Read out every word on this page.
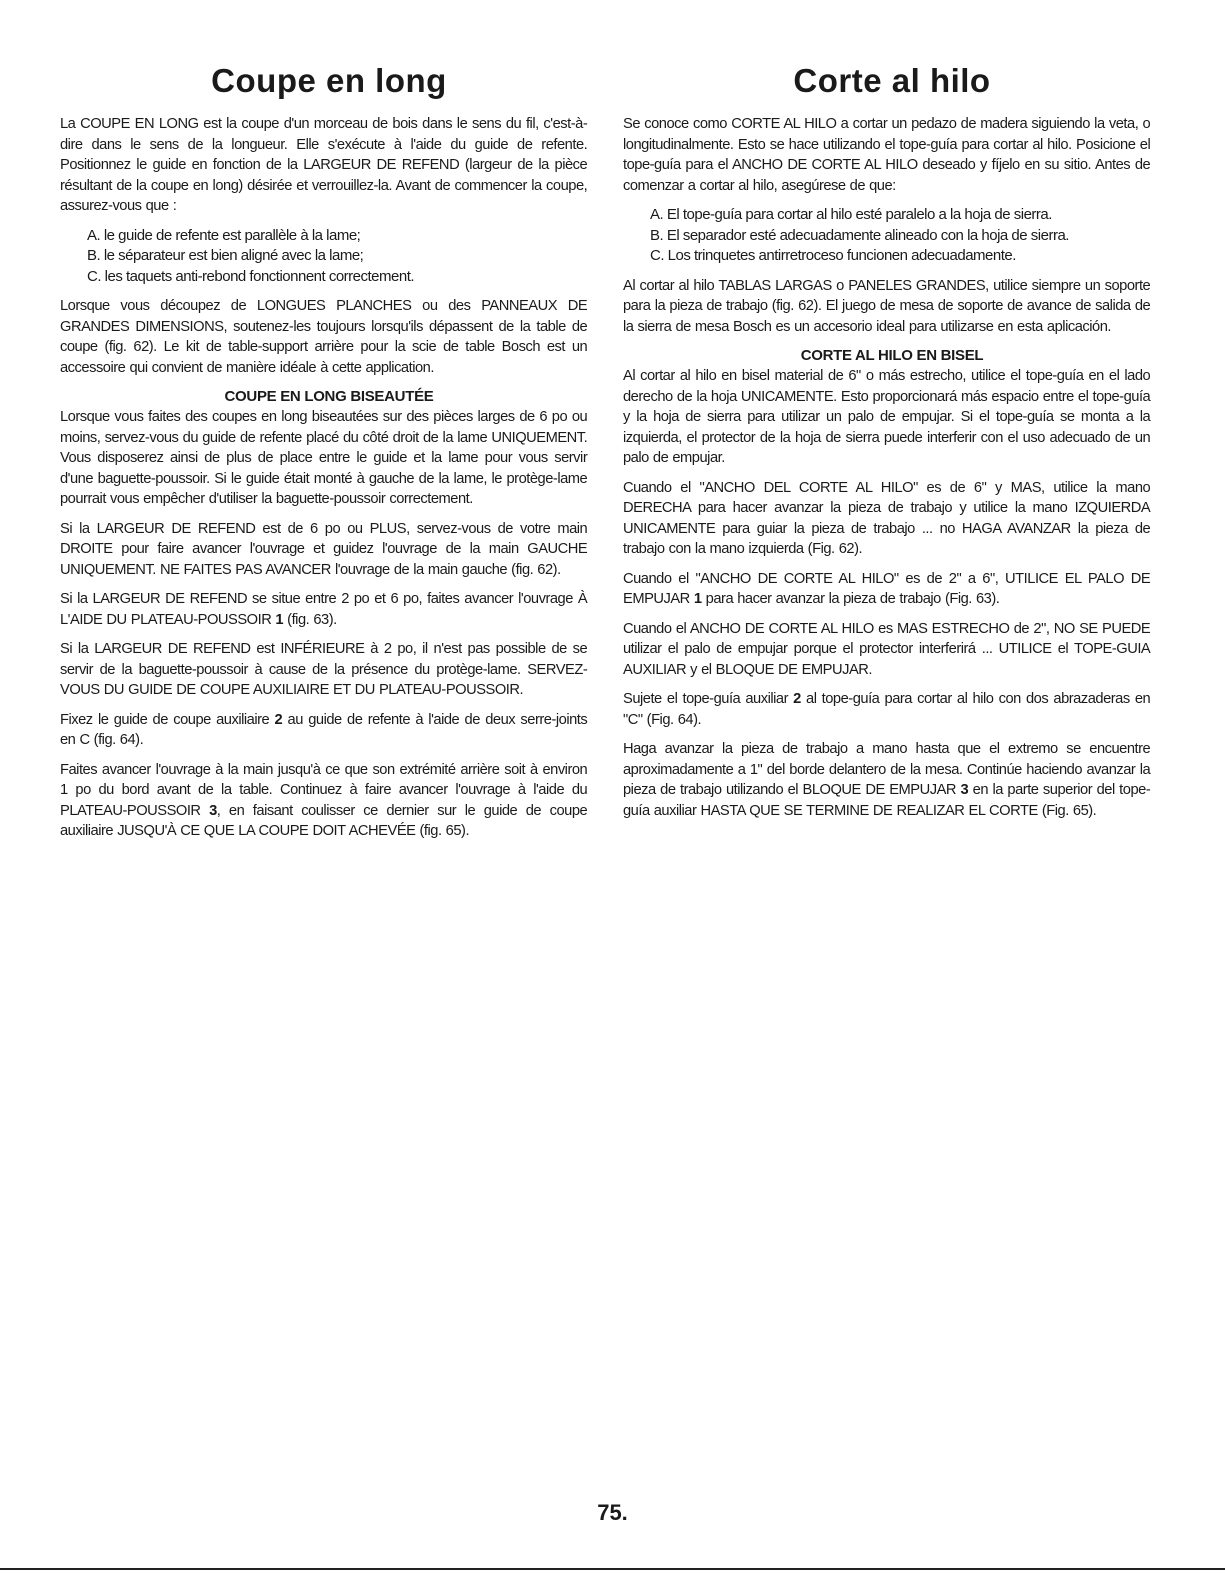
Coupe en long

La COUPE EN LONG est la coupe d'un morceau de bois dans le sens du fil, c'est-à-dire dans le sens de la longueur. Elle s'exécute à l'aide du guide de refente. Positionnez le guide en fonction de la LARGEUR DE REFEND (largeur de la pièce résultant de la coupe en long) désirée et verrouillez-la. Avant de commencer la coupe, assurez-vous que :

A. le guide de refente est parallèle à la lame;
B. le séparateur est bien aligné avec la lame;
C. les taquets anti-rebond fonctionnent correctement.

Lorsque vous découpez de LONGUES PLANCHES ou des PANNEAUX DE GRANDES DIMENSIONS, soutenez-les toujours lorsqu'ils dépassent de la table de coupe (fig. 62). Le kit de table-support arrière pour la scie de table Bosch est un accessoire qui convient de manière idéale à cette application.

COUPE EN LONG BISEAUTÉE

Lorsque vous faites des coupes en long biseautées sur des pièces larges de 6 po ou moins, servez-vous du guide de refente placé du côté droit de la lame UNIQUEMENT. Vous disposerez ainsi de plus de place entre le guide et la lame pour vous servir d'une baguette-poussoir. Si le guide était monté à gauche de la lame, le protège-lame pourrait vous empêcher d'utiliser la baguette-poussoir correctement.

Si la LARGEUR DE REFEND est de 6 po ou PLUS, servez-vous de votre main DROITE pour faire avancer l'ouvrage et guidez l'ouvrage de la main GAUCHE UNIQUEMENT. NE FAITES PAS AVANCER l'ouvrage de la main gauche (fig. 62).

Si la LARGEUR DE REFEND se situe entre 2 po et 6 po, faites avancer l'ouvrage À L'AIDE DU PLATEAU-POUSSOIR 1 (fig. 63).

Si la LARGEUR DE REFEND est INFÉRIEURE à 2 po, il n'est pas possible de se servir de la baguette-poussoir à cause de la présence du protège-lame. SERVEZ-VOUS DU GUIDE DE COUPE AUXILIAIRE ET DU PLATEAU-POUSSOIR.

Fixez le guide de coupe auxiliaire 2 au guide de refente à l'aide de deux serre-joints en C (fig. 64).

Faites avancer l'ouvrage à la main jusqu'à ce que son extrémité arrière soit à environ 1 po du bord avant de la table. Continuez à faire avancer l'ouvrage à l'aide du PLATEAU-POUSSOIR 3, en faisant coulisser ce dernier sur le guide de coupe auxiliaire JUSQU'À CE QUE LA COUPE DOIT ACHEVÉE (fig. 65).

Corte al hilo

Se conoce como CORTE AL HILO a cortar un pedazo de madera siguiendo la veta, o longitudinalmente. Esto se hace utilizando el tope-guía para cortar al hilo. Posicione el tope-guía para el ANCHO DE CORTE AL HILO deseado y fíjelo en su sitio. Antes de comenzar a cortar al hilo, asegúrese de que:

A. El tope-guía para cortar al hilo esté paralelo a la hoja de sierra.
B. El separador esté adecuadamente alineado con la hoja de sierra.
C. Los trinquetes antirretroceso funcionen adecuadamente.

Al cortar al hilo TABLAS LARGAS o PANELES GRANDES, utilice siempre un soporte para la pieza de trabajo (fig. 62). El juego de mesa de soporte de avance de salida de la sierra de mesa Bosch es un accesorio ideal para utilizarse en esta aplicación.

CORTE AL HILO EN BISEL

Al cortar al hilo en bisel material de 6" o más estrecho, utilice el tope-guía en el lado derecho de la hoja UNICAMENTE. Esto proporcionará más espacio entre el tope-guía y la hoja de sierra para utilizar un palo de empujar. Si el tope-guía se monta a la izquierda, el protector de la hoja de sierra puede interferir con el uso adecuado de un palo de empujar.

Cuando el "ANCHO DEL CORTE AL HILO" es de 6" y MAS, utilice la mano DERECHA para hacer avanzar la pieza de trabajo y utilice la mano IZQUIERDA UNICAMENTE para guiar la pieza de trabajo ... no HAGA AVANZAR la pieza de trabajo con la mano izquierda (Fig. 62).

Cuando el "ANCHO DE CORTE AL HILO" es de 2" a 6", UTILICE EL PALO DE EMPUJAR 1 para hacer avanzar la pieza de trabajo (Fig. 63).

Cuando el ANCHO DE CORTE AL HILO es MAS ESTRECHO de 2", NO SE PUEDE utilizar el palo de empujar porque el protector interferirá ... UTILICE el TOPE-GUIA AUXILIAR y el BLOQUE DE EMPUJAR.

Sujete el tope-guía auxiliar 2 al tope-guía para cortar al hilo con dos abrazaderas en "C" (Fig. 64).

Haga avanzar la pieza de trabajo a mano hasta que el extremo se encuentre aproximadamente a 1" del borde delantero de la mesa. Continúe haciendo avanzar la pieza de trabajo utilizando el BLOQUE DE EMPUJAR 3 en la parte superior del tope-guía auxiliar HASTA QUE SE TERMINE DE REALIZAR EL CORTE (Fig. 65).

75.
